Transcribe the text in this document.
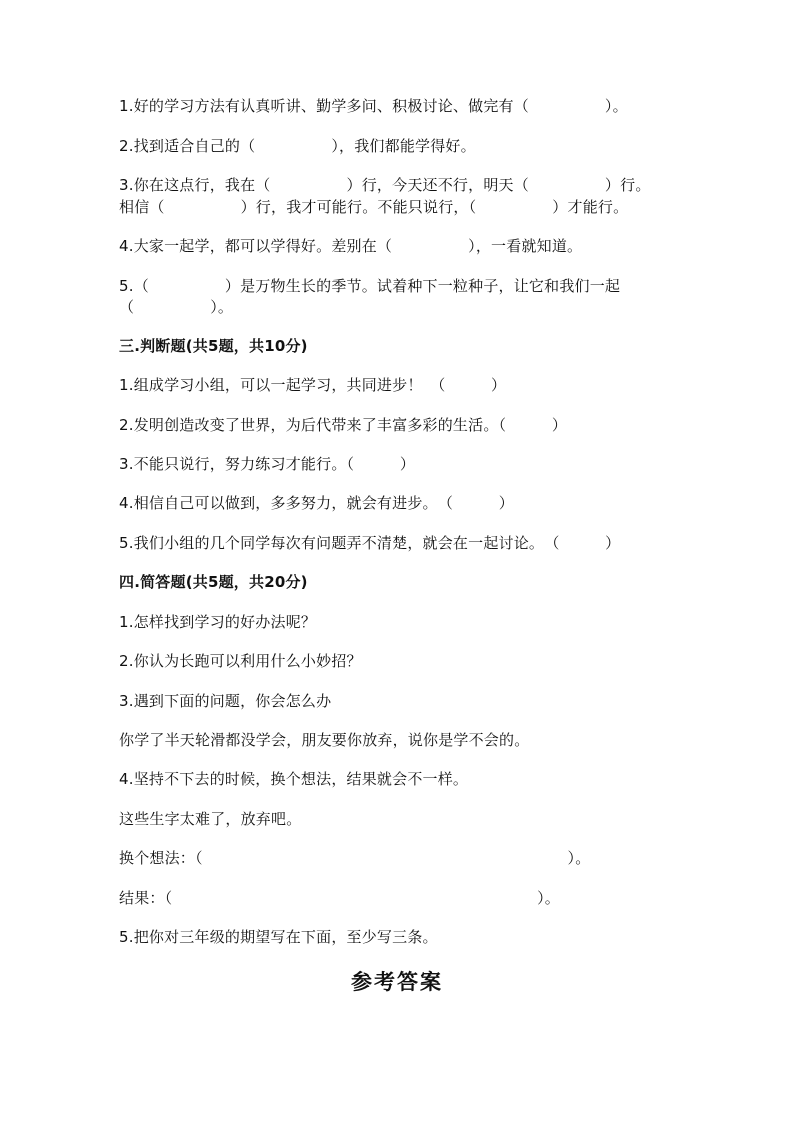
1.好的学习方法有认真听讲、勤学多问、积极讨论、做完有（　　　　　）。
2.找到适合自己的（　　　　　），我们都能学得好。
3.你在这点行，我在（　　　　　）行，今天还不行，明天（　　　　　）行。
相信（　　　　　）行，我才可能行。不能只说行，（　　　　　）才能行。
4.大家一起学，都可以学得好。差别在（　　　　　），一看就知道。
5.（　　　　　）是万物生长的季节。试着种下一粒种子，让它和我们一起
（　　　　　）。
三.判断题(共5题，共10分)
1.组成学习小组，可以一起学习，共同进步！　（　　　）
2.发明创造改变了世界，为后代带来了丰富多彩的生活。（　　　）
3.不能只说行，努力练习才能行。（　　　）
4.相信自己可以做到，多多努力，就会有进步。　（　　　）
5.我们小组的几个同学每次有问题弄不清楚，就会在一起讨论。　（　　　）
四.简答题(共5题，共20分)
1.怎样找到学习的好办法呢？
2.你认为长跑可以利用什么小妙招？
3.遇到下面的问题，你会怎么办
你学了半天轮滑都没学会，朋友要你放弃，说你是学不会的。
4.坚持不下去的时候，换个想法，结果就会不一样。
这些生字太难了，放弃吧。
换个想法：（　　　　　　　　　　　　　　　　　　　　　　　　）。
结果：（　　　　　　　　　　　　　　　　　　　　　　　　）。
5.把你对三年级的期望写在下面，至少写三条。
参考答案
